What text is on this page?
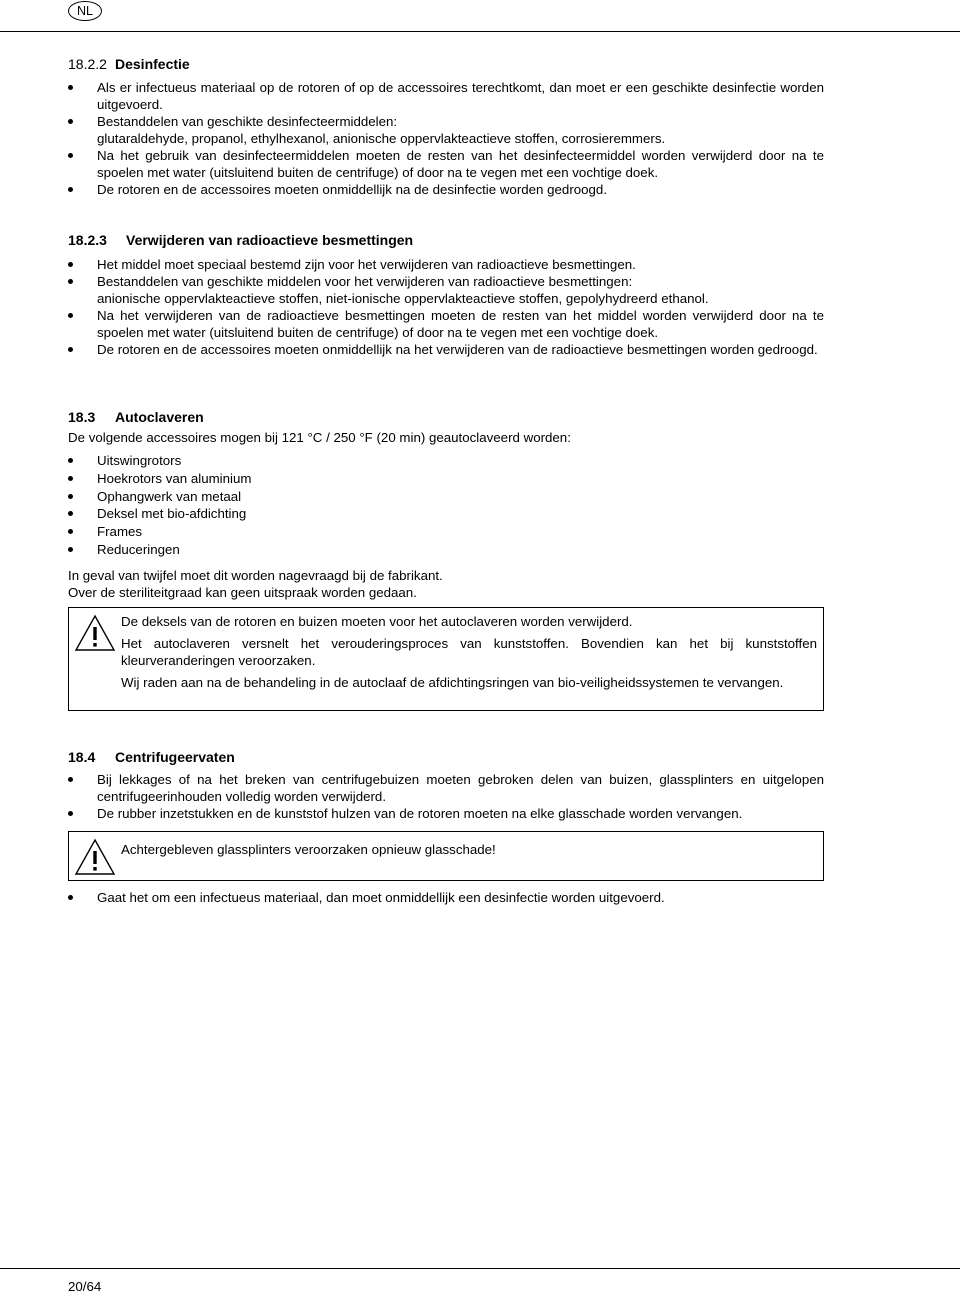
NL
18.2.2 Desinfectie
Als er infectueus materiaal op de rotoren of op de accessoires terechtkomt, dan moet er een geschikte desinfectie worden uitgevoerd.
Bestanddelen van geschikte desinfecteermiddelen:
glutaraldehyde, propanol, ethylhexanol, anionische oppervlakteactieve stoffen, corrosieremmers.
Na het gebruik van desinfecteermiddelen moeten de resten van het desinfecteermiddel worden verwijderd door na te spoelen met water (uitsluitend buiten de centrifuge) of door na te vegen met een vochtige doek.
De rotoren en de accessoires moeten onmiddellijk na de desinfectie worden gedroogd.
18.2.3	Verwijderen van radioactieve besmettingen
Het middel moet speciaal bestemd zijn voor het verwijderen van radioactieve besmettingen.
Bestanddelen van geschikte middelen voor het verwijderen van radioactieve besmettingen:
anionische oppervlakteactieve stoffen, niet-ionische oppervlakteactieve stoffen, gepolyhydreerd ethanol.
Na het verwijderen van de radioactieve besmettingen moeten de resten van het middel worden verwijderd door na te spoelen met water (uitsluitend buiten de centrifuge) of door na te vegen met een vochtige doek.
De rotoren en de accessoires moeten onmiddellijk na het verwijderen van de radioactieve besmettingen worden gedroogd.
18.3	Autoclaveren

De volgende accessoires mogen bij 121 °C / 250 °F (20 min) geautoclaveerd worden:

Uitswingrotors
Hoekrotors van aluminium
Ophangwerk van metaal
Deksel met bio-afdichting
Frames
Reduceringen

In geval van twijfel moet dit worden nagevraagd bij de fabrikant.

Over de steriliteitgraad kan geen uitspraak worden gedaan.

De deksels van de rotoren en buizen moeten voor het autoclaveren worden verwijderd.

Het autoclaveren versnelt het verouderingsproces van kunststoffen. Bovendien kan het bij kunststoffen kleurveranderingen veroorzaken.

Wij raden aan na de behandeling in de autoclaaf de afdichtingsringen van bio-veiligheidssystemen te vervangen.

18.4	Centrifugeervaten
Bij lekkages of na het breken van centrifugebuizen moeten gebroken delen van buizen, glassplinters en uitgelopen centrifugeerinhouden volledig worden verwijderd.
De rubber inzetstukken en de kunststof hulzen van de rotoren moeten na elke glasschade worden vervangen.

Achtergebleven glassplinters veroorzaken opnieuw glasschade!

Gaat het om een infectueus materiaal, dan moet onmiddellijk een desinfectie worden uitgevoerd.
20/64
